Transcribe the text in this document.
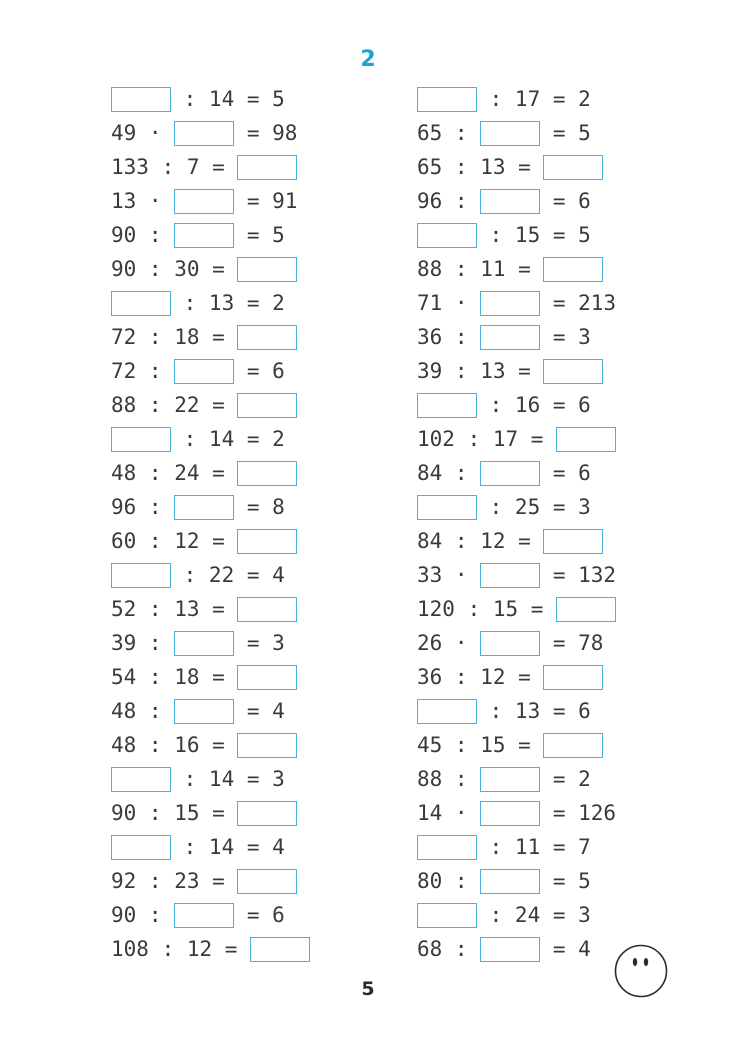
2
: 14 = 5
49 ·	= 98
133 : 7 =
13 ·	= 91
90 :	= 5
90 : 30 =
: 13 = 2
72 : 18 =
72 :	= 6
88 : 22 =
: 14 = 2
48 : 24 =
96 :	= 8
60 : 12 =
: 22 = 4
52 : 13 =
39 :	= 3
54 : 18 =
48 :	= 4
48 : 16 =
: 14 = 3
90 : 15 =
: 14 = 4
92 : 23 =
90 :	= 6
108 : 12 =
: 17 = 2
65 :	= 5
65 : 13 =
96 :	= 6
: 15 = 5
88 : 11 =
71 ·	= 213
36 :	= 3
39 : 13 =
: 16 = 6
102 : 17 =
84 :	= 6
: 25 = 3
84 : 12 =
33 ·	= 132
120 : 15 =
26 ·	= 78
36 : 12 =
: 13 = 6
45 : 15 =
88 :	= 2
14 ·	= 126
: 11 = 7
80 :	= 5
: 24 = 3
68 :	= 4
5
